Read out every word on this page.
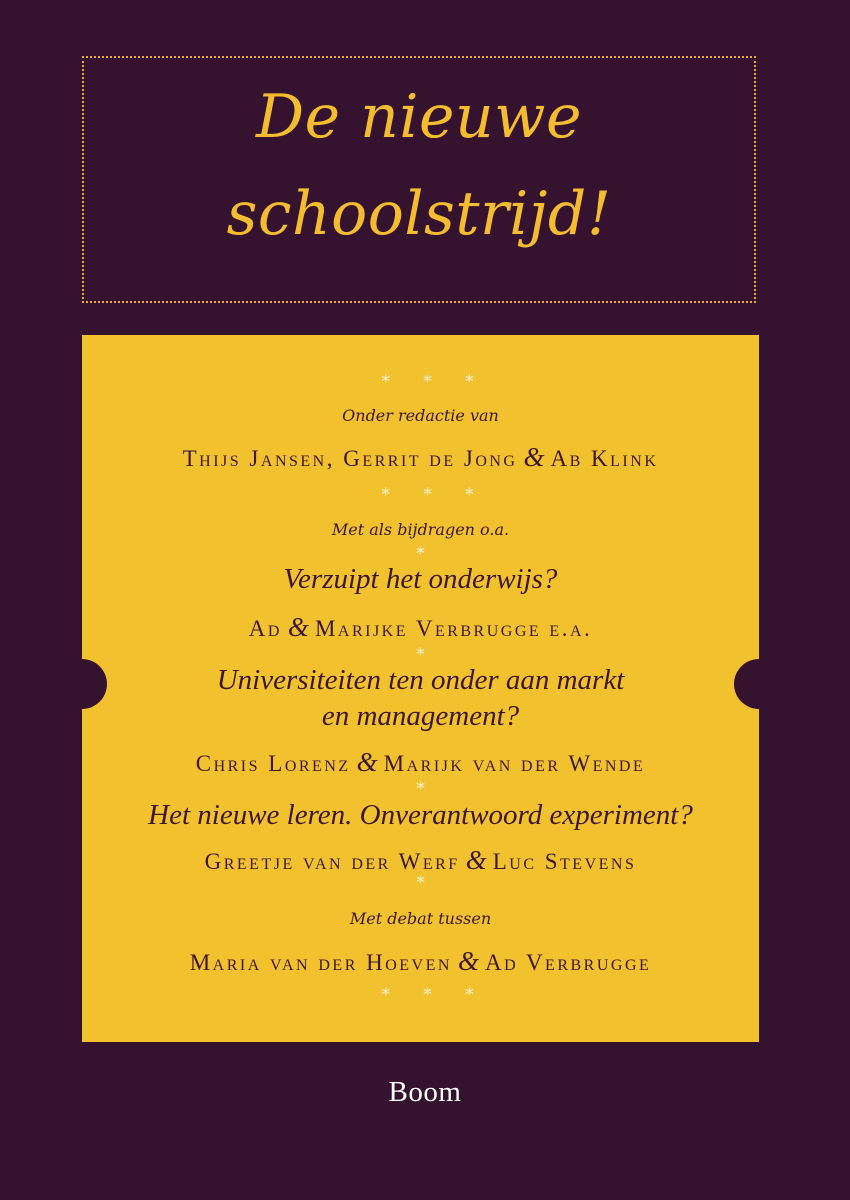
De nieuwe
schoolstrijd!
* * *
Onder redactie van
Thijs Jansen, Gerrit de Jong & Ab Klink
* * *
Met als bijdragen o.a.
*
Verzuipt het onderwijs?
Ad & Marijke Verbrugge e.a.
*
Universiteiten ten onder aan markt
en management?
Chris Lorenz & Marijk van der Wende
*
Het nieuwe leren. Onverantwoord experiment?
Greetje van der Werf & Luc Stevens
*
Met debat tussen
Maria van der Hoeven & Ad Verbrugge
* * *
Boom
